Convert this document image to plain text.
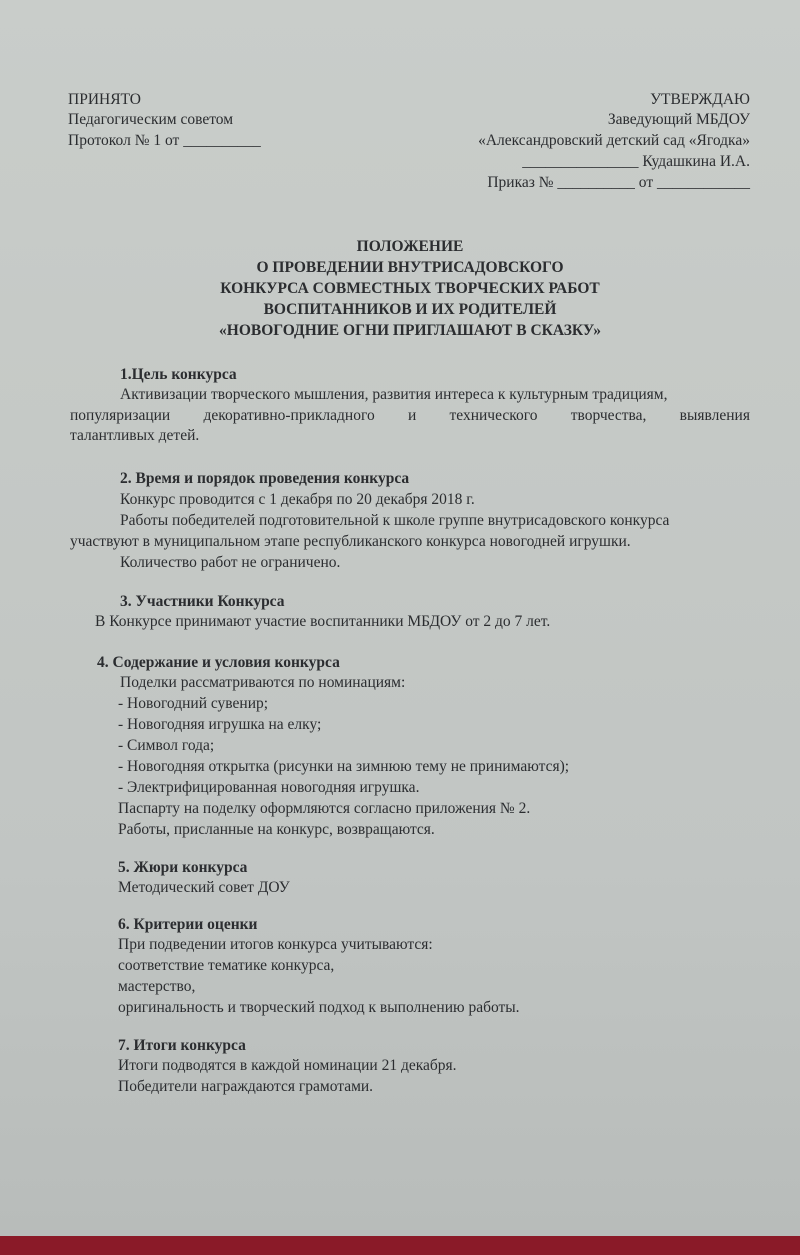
ПРИНЯТО
Педагогическим советом
Протокол № 1 от __________
УТВЕРЖДАЮ
Заведующий МБДОУ
«Александровский детский сад «Ягодка»
_______________ Кудашкина И.А.
Приказ № __________ от ____________
ПОЛОЖЕНИЕ
О ПРОВЕДЕНИИ ВНУТРИСАДОВСКОГО
КОНКУРСА СОВМЕСТНЫХ ТВОРЧЕСКИХ РАБОТ
ВОСПИТАННИКОВ И ИХ РОДИТЕЛЕЙ
«НОВОГОДНИЕ ОГНИ ПРИГЛАШАЮТ В СКАЗКУ»
1.Цель конкурса
Активизации творческого мышления, развития интереса к культурным традициям,
популяризации декоративно-прикладного и технического творчества, выявления
талантливых детей.
2. Время и порядок проведения конкурса
Конкурс проводится с 1 декабря по 20 декабря 2018 г.
Работы победителей подготовительной к школе группе внутрисадовского конкурса
участвуют в муниципальном этапе республиканского конкурса новогодней игрушки.
Количество работ не ограничено.
3. Участники Конкурса
В Конкурсе принимают участие воспитанники МБДОУ от 2 до 7 лет.
4. Содержание и условия конкурса
Поделки рассматриваются по номинациям:
- Новогодний сувенир;
- Новогодняя игрушка на елку;
- Символ года;
- Новогодняя открытка (рисунки на зимнюю тему не принимаются);
- Электрифицированная новогодняя игрушка.
Паспарту на поделку оформляются согласно приложения № 2.
Работы, присланные на конкурс, возвращаются.
5. Жюри конкурса
Методический совет ДОУ
6. Критерии оценки
При подведении итогов конкурса учитываются:
соответствие тематике конкурса,
мастерство,
оригинальность и творческий подход к выполнению работы.
7. Итоги конкурса
Итоги подводятся в каждой номинации 21 декабря.
Победители награждаются грамотами.
